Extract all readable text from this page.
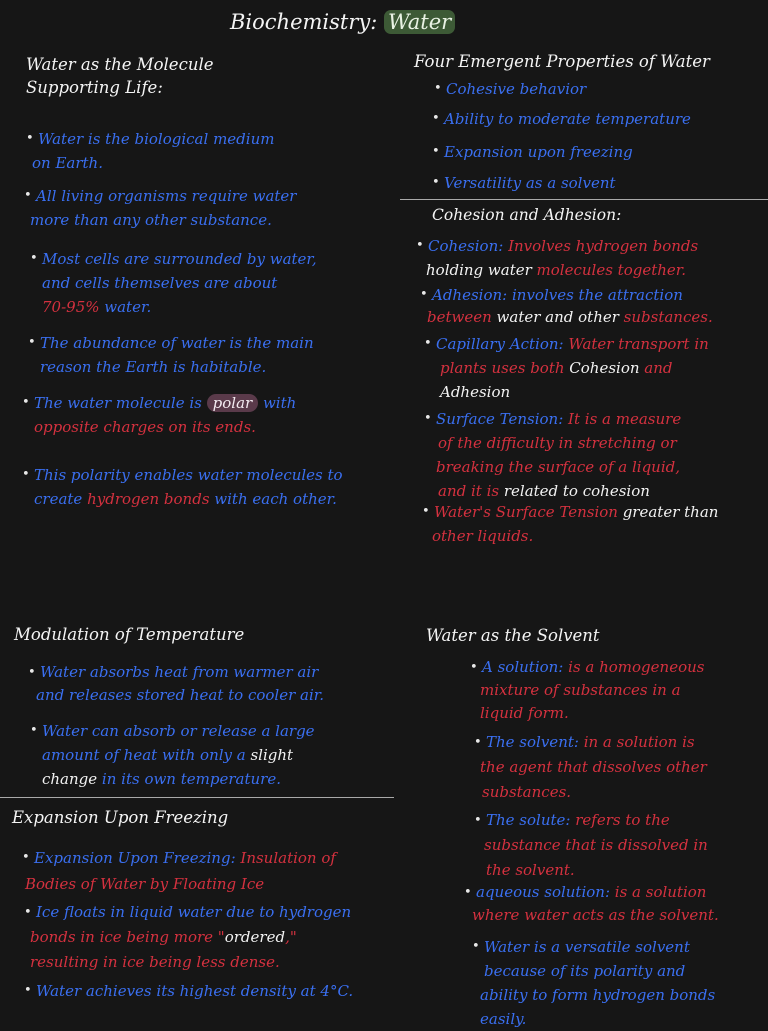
Biochemistry: Water
Water as the Molecule
Supporting Life:
• Water is the biological medium
on Earth.
• All living organisms require water
more than any other substance.
• Most cells are surrounded by water,
and cells themselves are about
70-95% water.
• The abundance of water is the main
reason the Earth is habitable.
• The water molecule is polar with
opposite charges on its ends.
• This polarity enables water molecules to
create hydrogen bonds with each other.
Four Emergent Properties of Water
• Cohesive behavior
• Ability to moderate temperature
• Expansion upon freezing
• Versatility as a solvent
Cohesion and Adhesion:
• Cohesion: Involves hydrogen bonds
holding water molecules together.
• Adhesion: involves the attraction
between water and other substances.
• Capillary Action: Water transport in
plants uses both Cohesion and
Adhesion
• Surface Tension: It is a measure
of the difficulty in stretching or
breaking the surface of a liquid,
and it is related to cohesion
• Water's Surface Tension greater than
other liquids.
Modulation of Temperature
• Water absorbs heat from warmer air
and releases stored heat to cooler air.
• Water can absorb or release a large
amount of heat with only a slight
change in its own temperature.
Expansion Upon Freezing
• Expansion Upon Freezing: Insulation of
Bodies of Water by Floating Ice
• Ice floats in liquid water due to hydrogen
bonds in ice being more "ordered,"
resulting in ice being less dense.
• Water achieves its highest density at 4°C.
Water as the Solvent
• A solution: is a homogeneous
mixture of substances in a
liquid form.
• The solvent: in a solution is
the agent that dissolves other
substances.
• The solute: refers to the
substance that is dissolved in
the solvent.
• aqueous solution: is a solution
where water acts as the solvent.
• Water is a versatile solvent
because of its polarity and
ability to form hydrogen bonds
easily.
